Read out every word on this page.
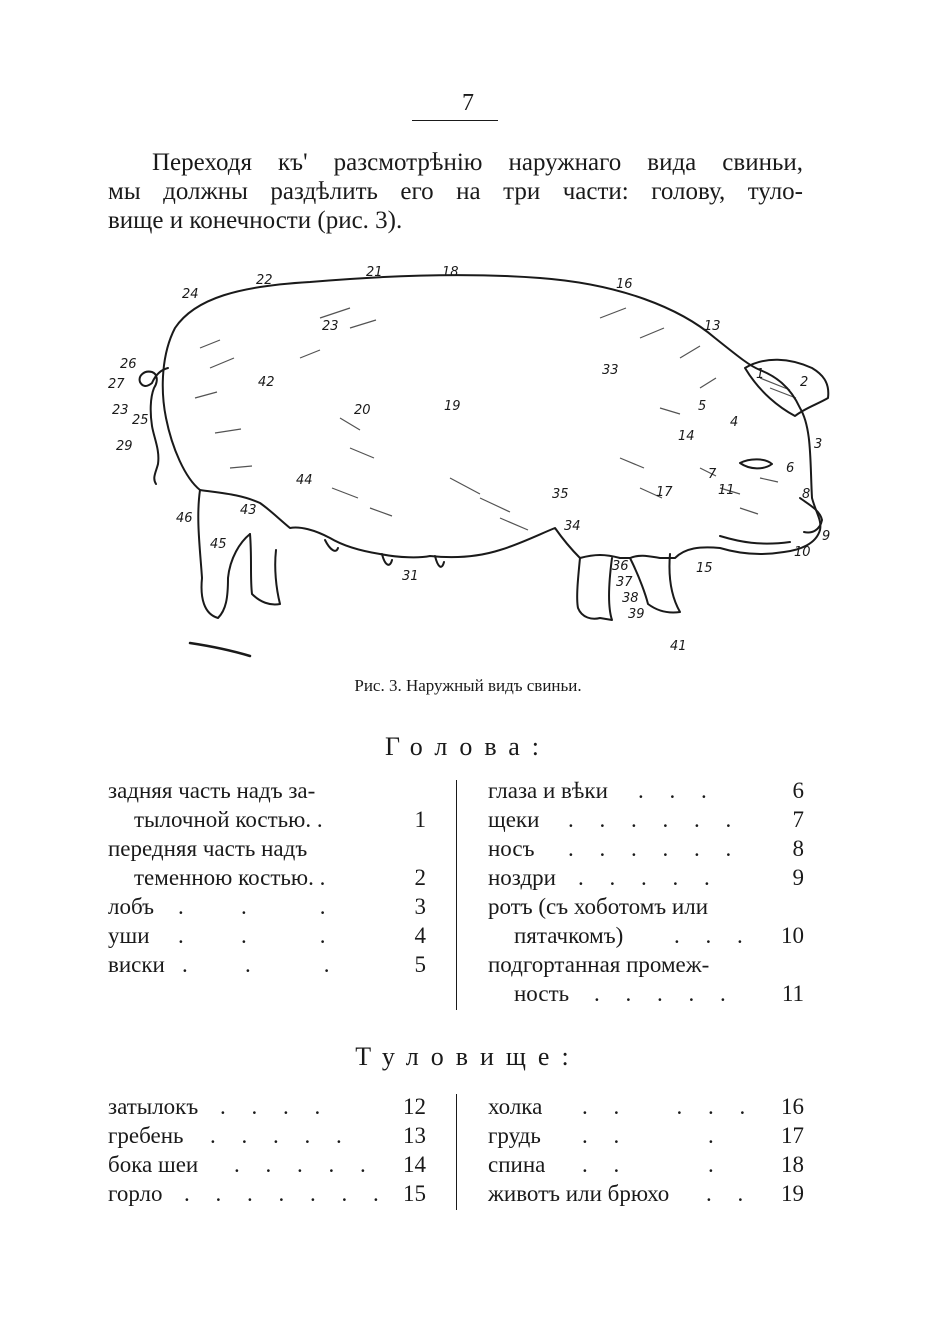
7
Переходя къ' разсмотрѣнію наружнаго вида свиньи,
мы должны раздѣлить его на три части: голову, туло-
вище и конечности (рис. 3).
1
2
3
4
5
6
7
8
9
10
11
13
14
15
16
17
18
19
20
21
22
23
23
24
25
26
27
29
31
33
34
35
36
37
38
39
41
42
43
44
45
46
Рис. 3. Наружный видъ свиньи.
Голова:
задняя часть надъ за-
тылочной костью. .	1
передняя часть надъ
теменною костью. .	2
лобъ .   .    .	3
уши .   .    .	4
виски .   .    .	5
глаза и вѣки . . .	6
щеки . . . . . . 7
носъ . . . . . . 8
ноздри . . . . .	9
ротъ (съ хоботомъ или
пятачкомъ) . . . 10
подгортанная промеж-
ность . . . . . 11
Туловище:
затылокъ . . . .	12
гребень . . . . . 13
бока шеи . . . . . 14
горло . . . . . . . 15
холка . .   . . . 16
грудь . .     . 17
спина . .     . 18
животъ или брюхо . . 19
